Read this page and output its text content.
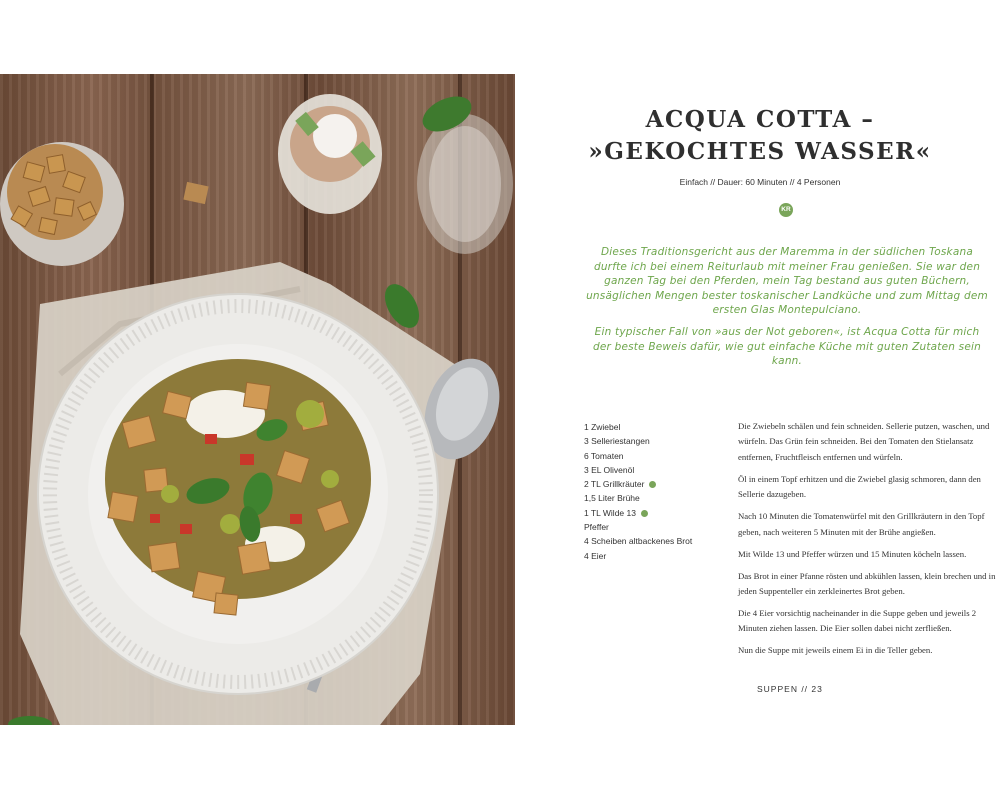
ACQUA COTTA –
»GEKOCHTES WASSER«
Einfach // Dauer: 60 Minuten // 4 Personen
KR

Dieses Traditionsgericht aus der Maremma in der südlichen Toskana durfte ich bei einem Reiturlaub mit meiner Frau genießen. Sie war den ganzen Tag bei den Pferden, mein Tag bestand aus guten Büchern, unsäglichen Mengen bester toskanischer Landküche und zum Mittag dem ersten Glas Montepulciano.

Ein typischer Fall von »aus der Not geboren«, ist Acqua Cotta für mich der beste Beweis dafür, wie gut einfache Küche mit guten Zutaten sein kann.

1 Zwiebel
3 Selleriestangen
6 Tomaten
3 EL Olivenöl
2 TL Grillkräuter
1,5 Liter Brühe
1 TL Wilde 13
Pfeffer
4 Scheiben altbackenes Brot
4 Eier

Die Zwiebeln schälen und fein schneiden. Sellerie putzen, waschen, und würfeln. Das Grün fein schneiden. Bei den Tomaten den Stielansatz entfernen, Fruchtfleisch entfernen und würfeln.

Öl in einem Topf erhitzen und die Zwiebel glasig schmoren, dann den Sellerie dazugeben.

Nach 10 Minuten die Tomatenwürfel mit den Grillkräutern in den Topf geben, nach weiteren 5 Minuten mit der Brühe angießen.

Mit Wilde 13 und Pfeffer würzen und 15 Minuten köcheln lassen.

Das Brot in einer Pfanne rösten und abkühlen lassen, klein brechen und in jeden Suppenteller ein zerkleinertes Brot geben.

Die 4 Eier vorsichtig nacheinander in die Suppe geben und jeweils 2 Minuten ziehen lassen. Die Eier sollen dabei nicht zerfließen.

Nun die Suppe mit jeweils einem Ei in die Teller geben.

SUPPEN // 23
